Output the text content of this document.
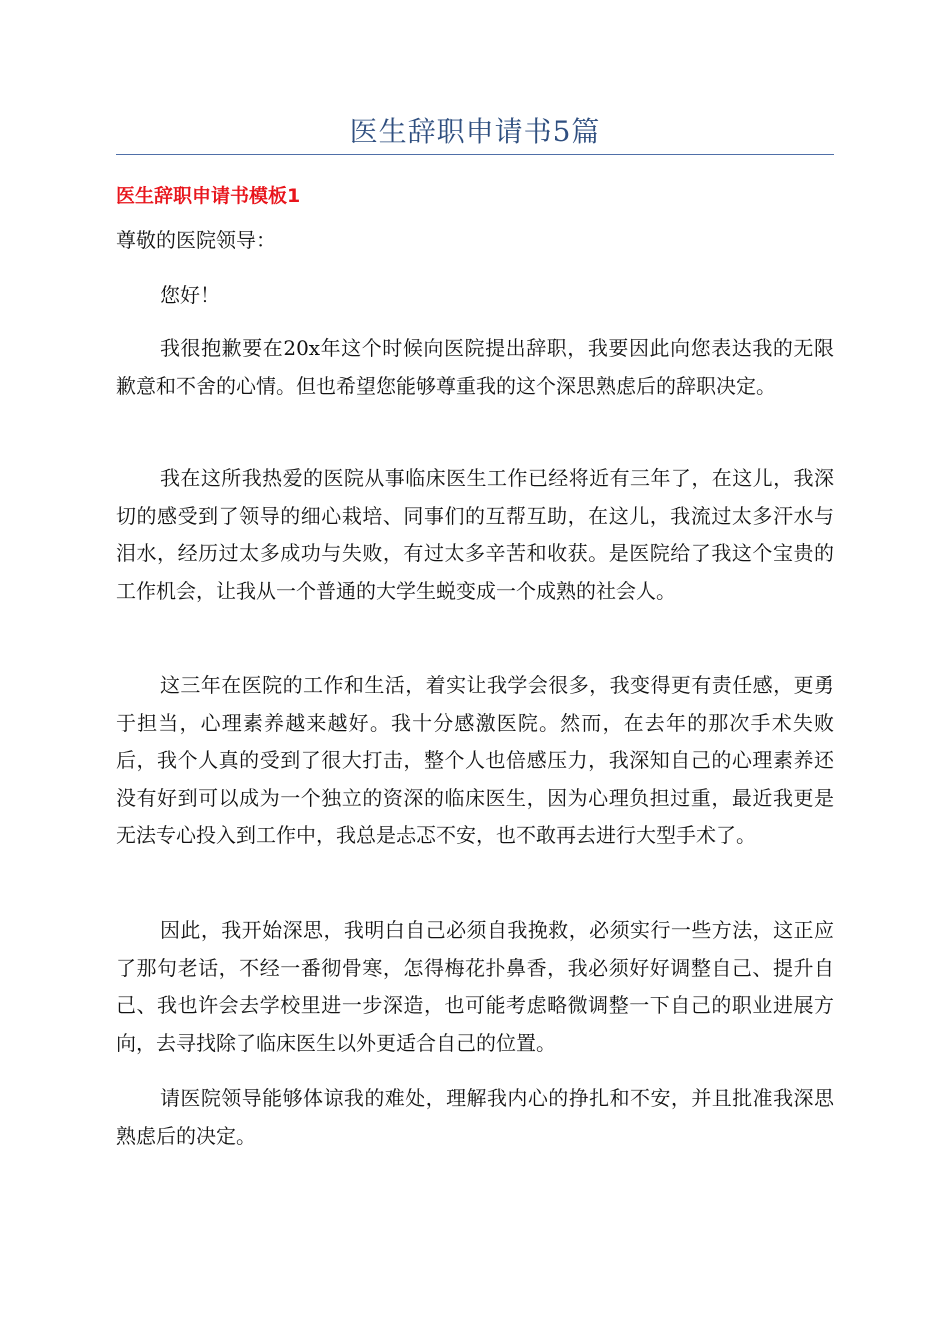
医生辞职申请书5篇
医生辞职申请书模板1

尊敬的医院领导：

您好！

我很抱歉要在20x年这个时候向医院提出辞职，我要因此向您表达我的无限歉意和不舍的心情。但也希望您能够尊重我的这个深思熟虑后的辞职决定。

我在这所我热爱的医院从事临床医生工作已经将近有三年了，在这儿，我深切的感受到了领导的细心栽培、同事们的互帮互助，在这儿，我流过太多汗水与泪水，经历过太多成功与失败，有过太多辛苦和收获。是医院给了我这个宝贵的工作机会，让我从一个普通的大学生蜕变成一个成熟的社会人。

这三年在医院的工作和生活，着实让我学会很多，我变得更有责任感，更勇于担当，心理素养越来越好。我十分感激医院。然而，在去年的那次手术失败后，我个人真的受到了很大打击，整个人也倍感压力，我深知自己的心理素养还没有好到可以成为一个独立的资深的临床医生，因为心理负担过重，最近我更是无法专心投入到工作中，我总是忐忑不安，也不敢再去进行大型手术了。

因此，我开始深思，我明白自己必须自我挽救，必须实行一些方法，这正应了那句老话，不经一番彻骨寒，怎得梅花扑鼻香，我必须好好调整自己、提升自己、我也许会去学校里进一步深造，也可能考虑略微调整一下自己的职业进展方向，去寻找除了临床医生以外更适合自己的位置。

请医院领导能够体谅我的难处，理解我内心的挣扎和不安，并且批准我深思熟虑后的决定。
